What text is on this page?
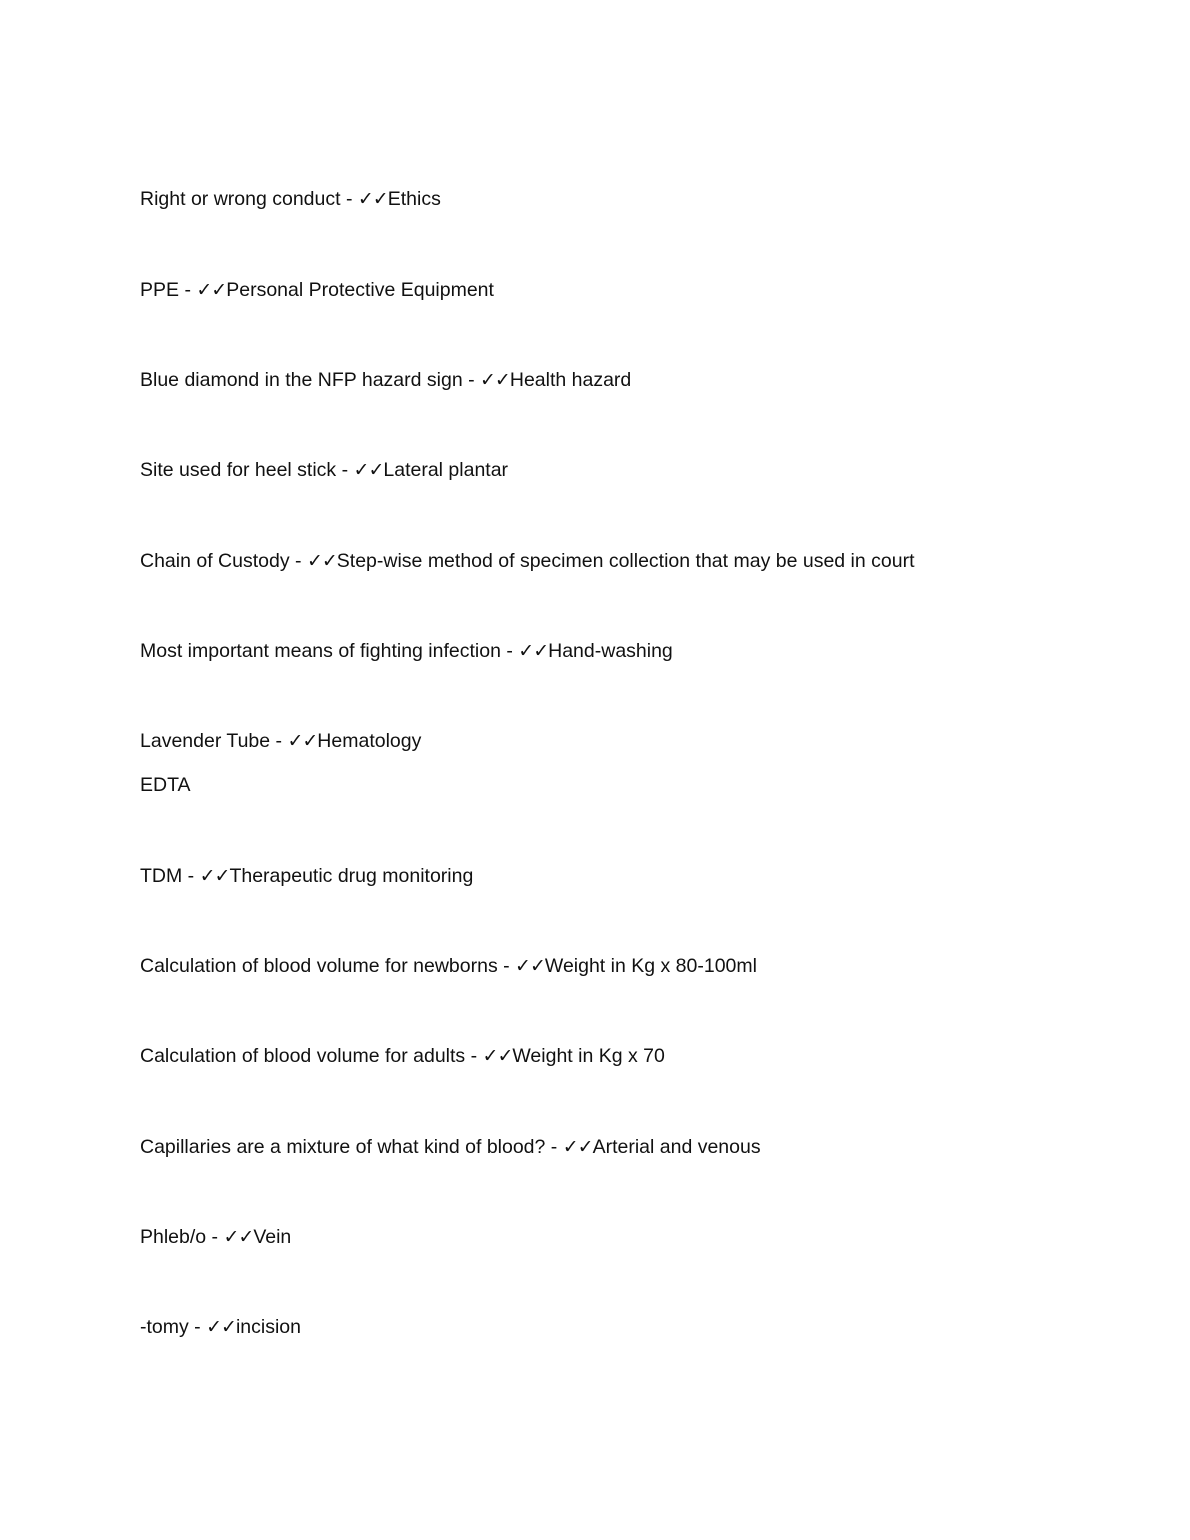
Right or wrong conduct - ✓✓Ethics
PPE - ✓✓Personal Protective Equipment
Blue diamond in the NFP hazard sign - ✓✓Health hazard
Site used for heel stick - ✓✓Lateral plantar
Chain of Custody - ✓✓Step-wise method of specimen collection that may be used in court
Most important means of fighting infection - ✓✓Hand-washing
Lavender Tube - ✓✓Hematology
EDTA
TDM - ✓✓Therapeutic drug monitoring
Calculation of blood volume for newborns - ✓✓Weight in Kg x 80-100ml
Calculation of blood volume for adults - ✓✓Weight in Kg x 70
Capillaries are a mixture of what kind of blood? - ✓✓Arterial and venous
Phleb/o - ✓✓Vein
-tomy - ✓✓incision
